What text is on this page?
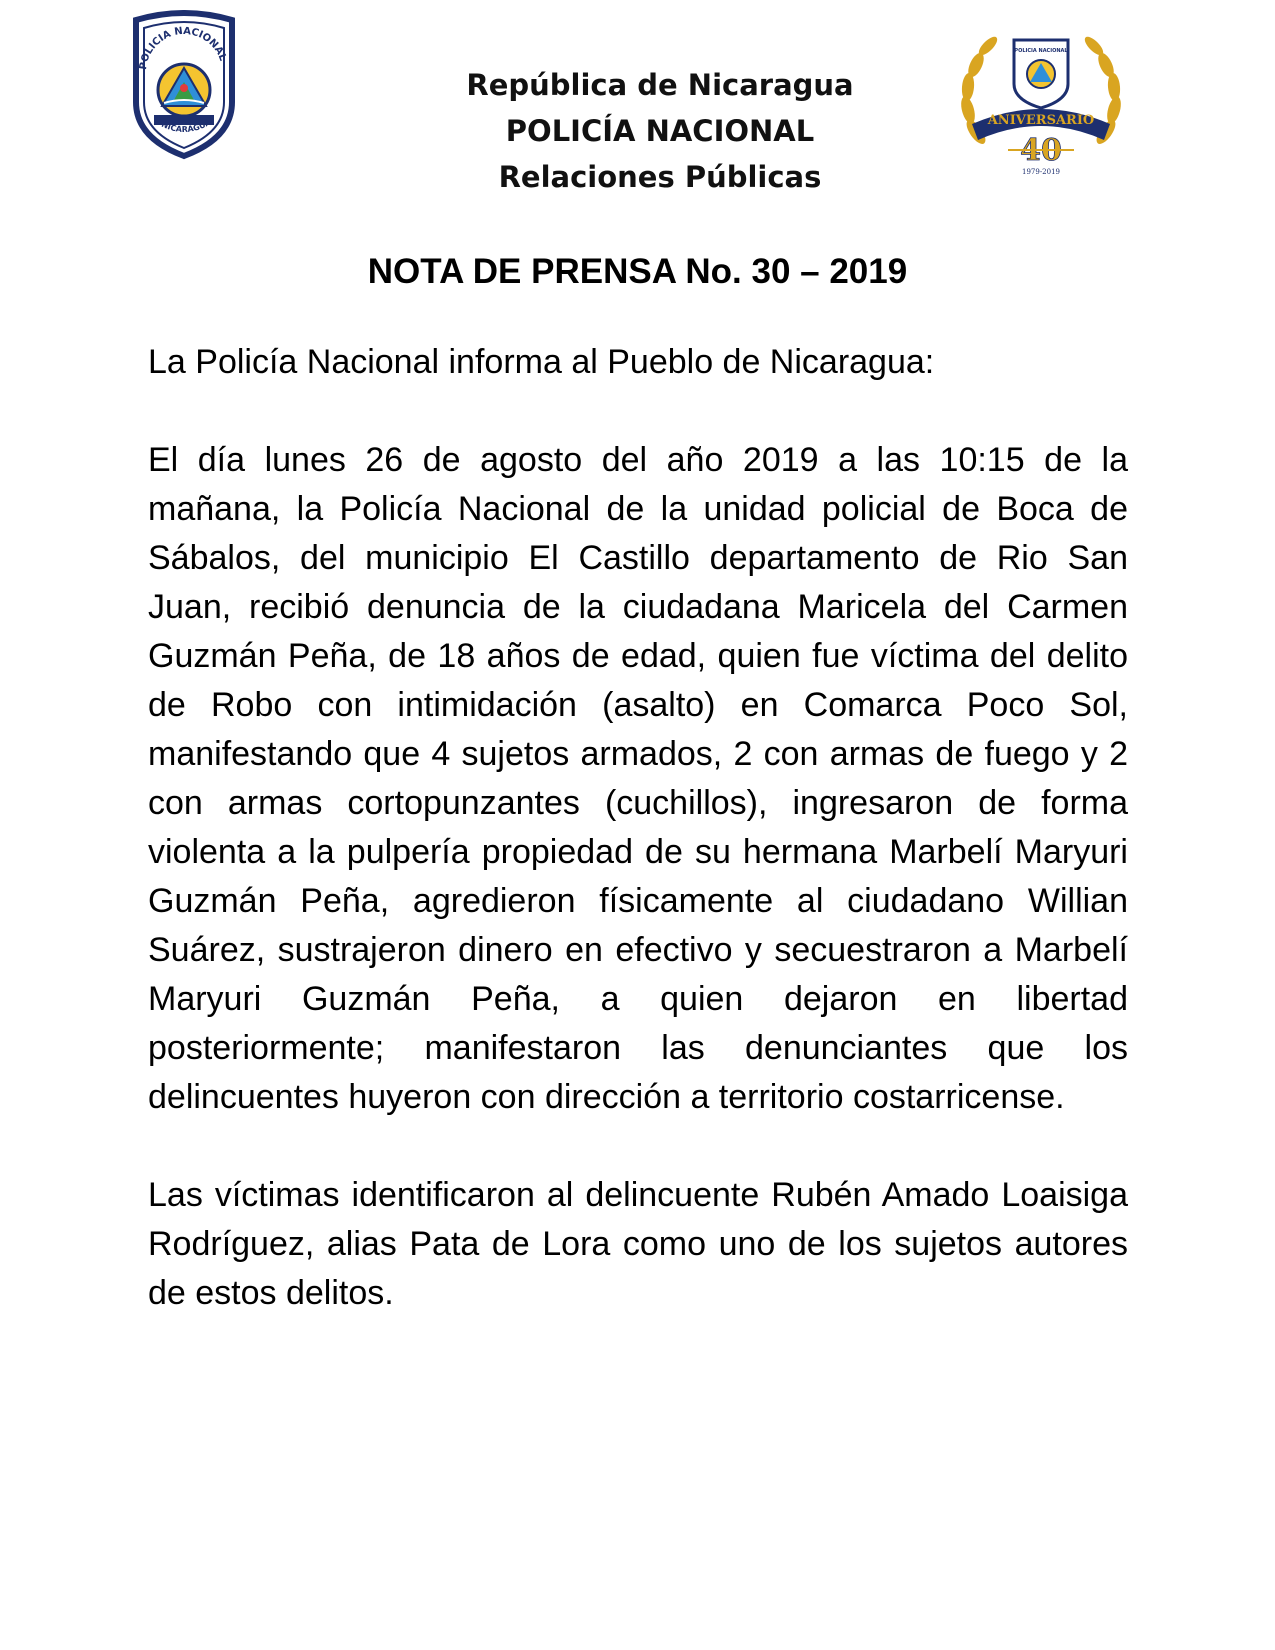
POLICIA NACIONAL
NICARAGUA
República de Nicaragua
POLICÍA NACIONAL
Relaciones Públicas
POLICIA NACIONAL
ANIVERSARIO
40
1979-2019
NOTA DE PRENSA No. 30 – 2019

La Policía Nacional informa al Pueblo de Nicaragua:

El día lunes 26 de agosto del año 2019 a las 10:15 de la mañana, la Policía Nacional de la unidad policial de Boca de Sábalos, del municipio El Castillo departamento de Rio San Juan, recibió denuncia de la ciudadana Maricela del Carmen Guzmán Peña, de 18 años de edad, quien fue víctima del delito de Robo con intimidación (asalto) en Comarca Poco Sol, manifestando que 4 sujetos armados, 2 con armas de fuego y 2 con armas cortopunzantes (cuchillos), ingresaron de forma violenta a la pulpería propiedad de su hermana Marbelí Maryuri Guzmán Peña, agredieron físicamente al ciudadano Willian Suárez, sustrajeron dinero en efectivo y secuestraron a Marbelí Maryuri Guzmán Peña, a quien dejaron en libertad posteriormente; manifestaron las denunciantes que los delincuentes huyeron con dirección a territorio costarricense.

Las víctimas identificaron al delincuente Rubén Amado Loaisiga Rodríguez, alias Pata de Lora como uno de los sujetos autores de estos delitos.
